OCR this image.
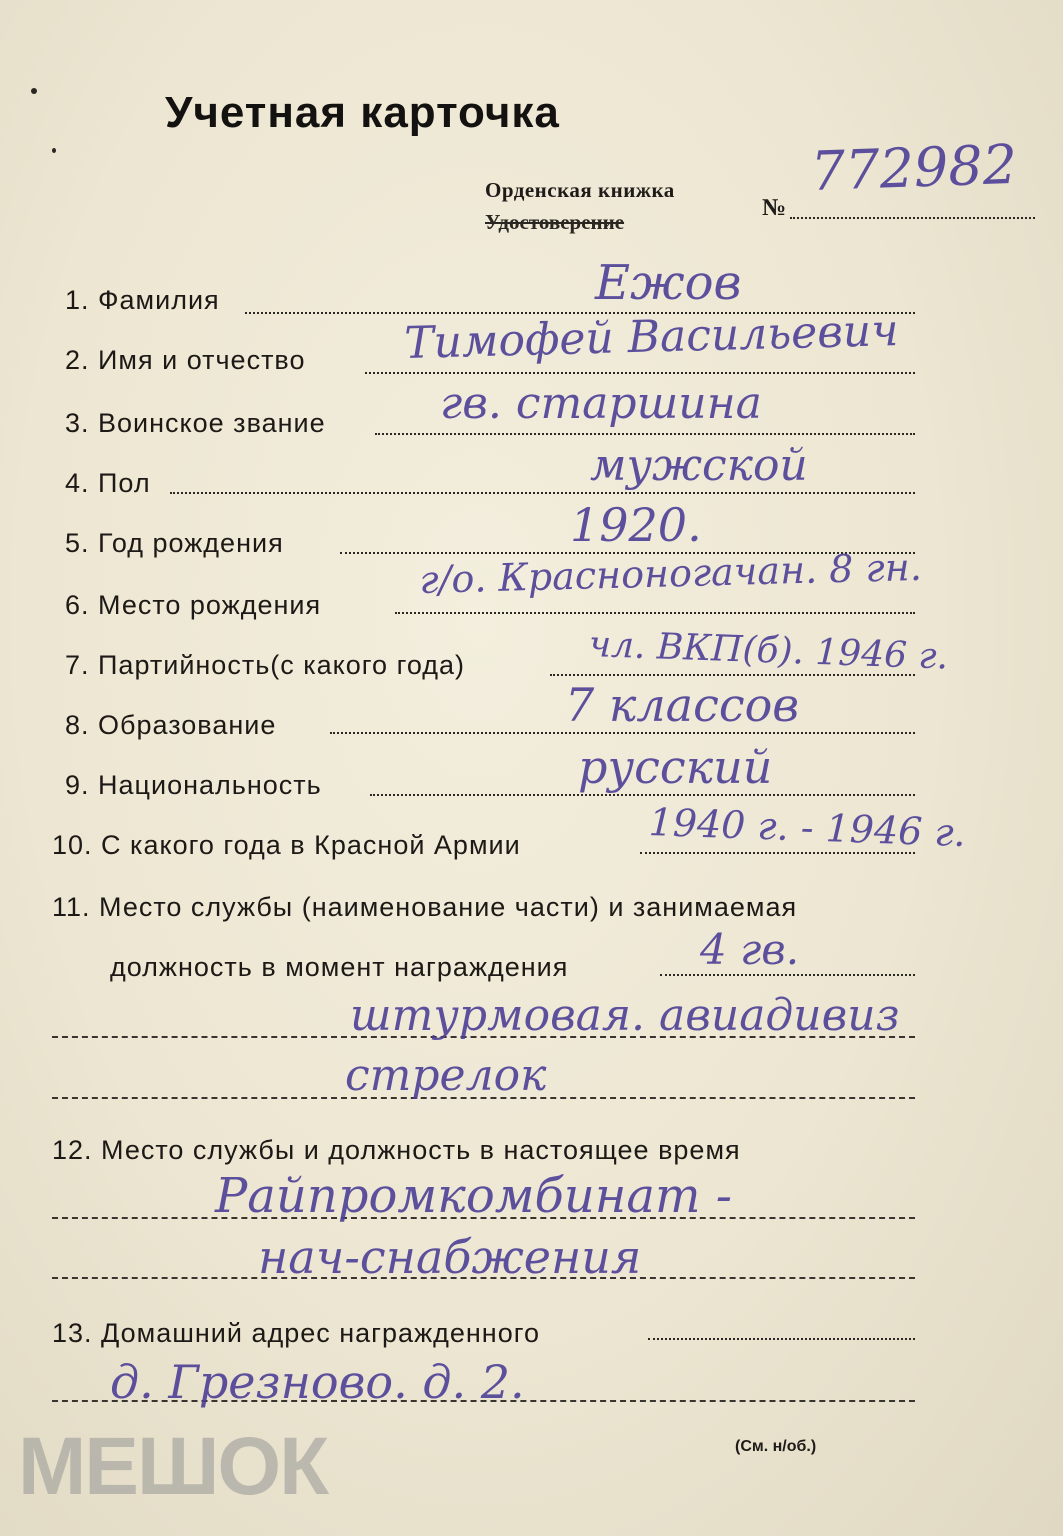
Учетная карточка
Орденская книжка
Удостоверение
№
772982
1. Фамилия	Ежов
2. Имя и отчество Тимофей Васильевич
3. Воинское звание	гв. старшина
4. Пол	мужской
5. Год рождения	1920.
6. Место рождения
г/о. Красноногачан. 8 гн.
7. Партийность(с какого года)	чл. ВКП(б). 1946 г.
8. Образование	7 классов
9. Национальность	русский
10. С какого года в Красной Армии	1940 г. - 1946 г.
11. Место службы (наименование части) и занимаемая
должность в момент награждения	4 гв.
штурмовая. авиадивиз
стрелок
12. Место службы и должность в настоящее время
Райпромкомбинат -
нач-снабжения
13. Домашний адрес награжденного
д. Грезново. д. 2.
(См. н/об.)
МЕШОК
